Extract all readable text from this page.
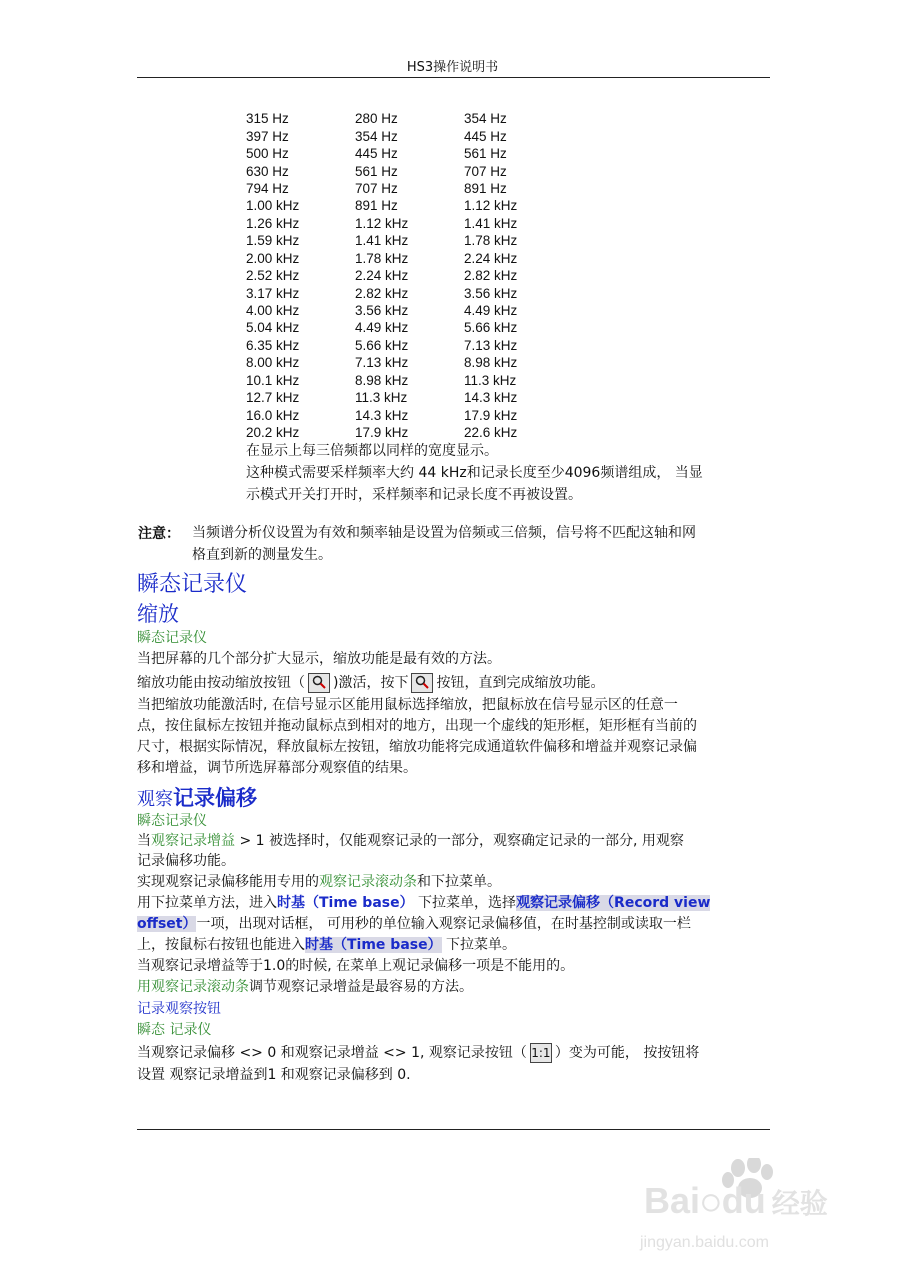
HS3操作说明书
315 Hz	280 Hz	354 Hz
397 Hz	354 Hz	445 Hz
500 Hz	445 Hz	561 Hz
630 Hz	561 Hz	707 Hz
794 Hz	707 Hz	891 Hz
1.00 kHz	891 Hz	1.12 kHz
1.26 kHz	1.12 kHz	1.41 kHz
1.59 kHz	1.41 kHz	1.78 kHz
2.00 kHz	1.78 kHz	2.24 kHz
2.52 kHz	2.24 kHz	2.82 kHz
3.17 kHz	2.82 kHz	3.56 kHz
4.00 kHz	3.56 kHz	4.49 kHz
5.04 kHz	4.49 kHz	5.66 kHz
6.35 kHz	5.66 kHz	7.13 kHz
8.00 kHz	7.13 kHz	8.98 kHz
10.1 kHz	8.98 kHz	11.3 kHz
12.7 kHz	11.3 kHz	14.3 kHz
16.0 kHz	14.3 kHz	17.9 kHz
20.2 kHz	17.9 kHz	22.6 kHz
在显示上每三倍频都以同样的宽度显示。
这种模式需要采样频率大约 44 kHz和记录长度至少4096频谱组成， 当显
示模式开关打开时，采样频率和记录长度不再被设置。
注意： 当频谱分析仪设置为有效和频率轴是设置为倍频或三倍频，信号将不匹配这轴和网
格直到新的测量发生。
瞬态记录仪
缩放
瞬态记录仪
当把屏幕的几个部分扩大显示，缩放功能是最有效的方法。
缩放功能由按动缩放按钮（ )激活，按下 按钮，直到完成缩放功能。
当把缩放功能激活时, 在信号显示区能用鼠标选择缩放，把鼠标放在信号显示区的任意一
点，按住鼠标左按钮并拖动鼠标点到相对的地方，出现一个虚线的矩形框，矩形框有当前的
尺寸，根据实际情况，释放鼠标左按钮，缩放功能将完成通道软件偏移和增益并观察记录偏
移和增益，调节所选屏幕部分观察值的结果。
观察记录偏移
瞬态记录仪
当观察记录增益 > 1 被选择时，仅能观察记录的一部分，观察确定记录的一部分, 用观察
记录偏移功能。
实现观察记录偏移能用专用的观察记录滚动条和下拉菜单。
用下拉菜单方法，进入时基（Time base） 下拉菜单，选择观察记录偏移（Record view
offset）一项，出现对话框， 可用秒的单位输入观察记录偏移值，在时基控制或读取一栏
上，按鼠标右按钮也能进入时基（Time base） 下拉菜单。
当观察记录增益等于1.0的时候, 在菜单上观记录偏移一项是不能用的。
用观察记录滚动条调节观察记录增益是最容易的方法。
记录观察按钮
瞬态 记录仪
当观察记录偏移 <> 0 和观察记录增益 <> 1, 观察记录按钮（ 1:1 ）变为可能， 按按钮将
设置 观察记录增益到1 和观察记录偏移到 0.
Bai●du 经验
jingyan.baidu.com
